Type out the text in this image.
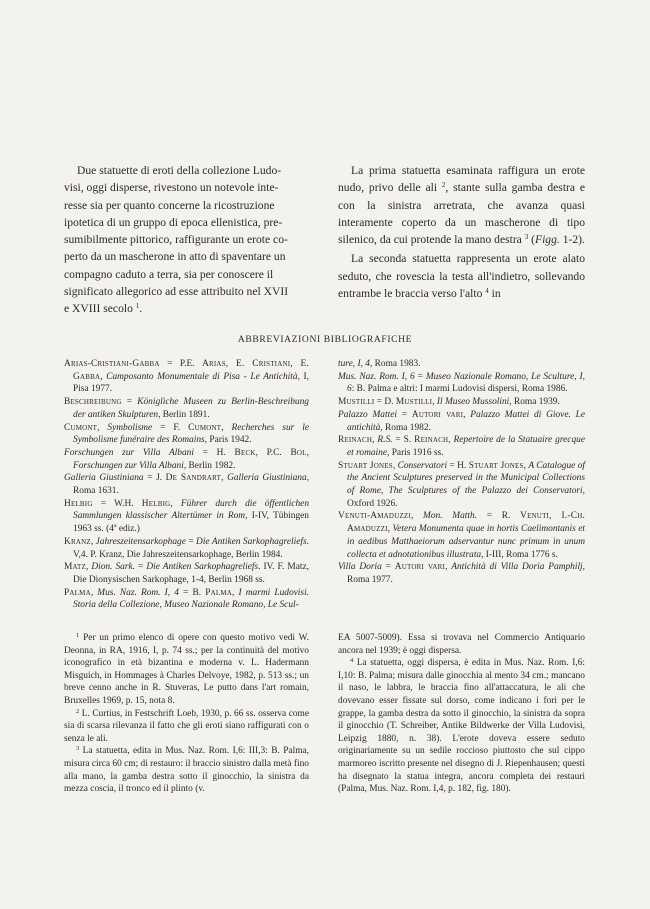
Due statuette di eroti della collezione Ludo-
visi, oggi disperse, rivestono un notevole inte-
resse sia per quanto concerne la ricostruzione
ipotetica di un gruppo di epoca ellenistica, pre-
sumibilmente pittorico, raffigurante un erote co-
perto da un mascherone in atto di spaventare un
compagno caduto a terra, sia per conoscere il
significato allegorico ad esse attribuito nel XVII
e XVIII secolo $^1$.

La prima statuetta esaminata raffigura un erote nudo, privo delle ali $^2$, stante sulla gamba destra e con la sinistra arretrata, che avanza quasi interamente coperto da un mascherone di tipo silenico, da cui protende la mano destra $^3$ (Figg. 1-2).

La seconda statuetta rappresenta un erote alato seduto, che rovescia la testa all'indietro, sollevando entrambe le braccia verso l'alto $^4$ in

ABBREVIAZIONI BIBLIOGRAFICHE

Arias-Cristiani-Gabba = P.E. Arias, E. Cristiani, E. Gabba, Camposanto Monumentale di Pisa - Le Antichità, I, Pisa 1977.

Beschreibung = Königliche Museen zu Berlin-Beschreibung der antiken Skulpturen, Berlin 1891.

Cumont, Symbolisme = F. Cumont, Recherches sur le Symbolisme funéraire des Romains, Paris 1942.

Forschungen zur Villa Albani = H. Beck, P.C. Bol, Forschungen zur Villa Albani, Berlin 1982.

Galleria Giustiniana = J. De Sandrart, Galleria Giustiniana, Roma 1631.

Helbig = W.H. Helbig, Führer durch die öffentlichen Sammlungen klassischer Altertümer in Rom, I-IV, Tübingen 1963 ss. (4ª ediz.)

Kranz, Jahreszeitensarkophage = Die Antiken Sarkophagreliefs. V,4. P. Kranz, Die Jahreszeitensarkophage, Berlin 1984.

Matz, Dion. Sark. = Die Antiken Sarkophagreliefs. IV. F. Matz, Die Dionysischen Sarkophage, 1-4, Berlin 1968 ss.

Palma, Mus. Naz. Rom. I, 4 = B. Palma, I marmi Ludovisi. Storia della Collezione, Museo Nazionale Romano, Le Scul-

ture, I, 4, Roma 1983.

Mus. Naz. Rom. I, 6 = Museo Nazionale Romano, Le Sculture, I, 6: B. Palma e altri: I marmi Ludovisi dispersi, Roma 1986.

Mustilli = D. Mustilli, Il Museo Mussolini, Roma 1939.

Palazzo Mattei = Autori vari, Palazzo Mattei di Giove. Le antichità, Roma 1982.

Reinach, R.S. = S. Reinach, Repertoire de la Statuaire grecque et romaine, Paris 1916 ss.

Stuart Jones, Conservatori = H. Stuart Jones, A Catalogue of the Ancient Sculptures preserved in the Municipal Collections of Rome, The Sculptures of the Palazzo dei Conservatori, Oxford 1926.

Venuti-Amaduzzi, Mon. Matth. = R. Venuti, I.-Ch. Amaduzzi, Vetera Monumenta quae in hortis Caelimontanis et in aedibus Matthaeiorum adservantur nunc primum in unum collecta et adnotationibus illustrata, I-III, Roma 1776 s.

Villa Doria = Autori vari, Antichità di Villa Doria Pamphilj, Roma 1977.

$^1$ Per un primo elenco di opere con questo motivo vedi W. Deonna, in RA, 1916, I, p. 74 ss.; per la continuità del motivo iconografico in età bizantina e moderna v. L. Hadermann Misguich, in Hommages à Charles Delvoye, 1982, p. 513 ss.; un breve cenno anche in R. Stuveras, Le putto dans l'art romain, Bruxelles 1969, p. 15, nota 8.

$^2$ L. Curtius, in Festschrift Loeb, 1930, p. 66 ss. osserva come sia di scarsa rilevanza il fatto che gli eroti siano raffigurati con o senza le ali.

$^3$ La statuetta, edita in Mus. Naz. Rom. I,6: III,3: B. Palma, misura circa 60 cm; di restauro: il braccio sinistro dalla metà fino alla mano, la gamba destra sotto il ginocchio, la sinistra da mezza coscia, il tronco ed il plinto (v.

EA 5007-5009). Essa si trovava nel Commercio Antiquario ancora nel 1939; è oggi dispersa.

$^4$ La statuetta, oggi dispersa, è edita in Mus. Naz. Rom. I,6: I,10: B. Palma; misura dalle ginocchia al mento 34 cm.; mancano il naso, le labbra, le braccia fino all'attaccatura, le ali che dovevano esser fissate sul dorso, come indicano i fori per le grappe, la gamba destra da sotto il ginocchio, la sinistra da sopra il ginocchio (T. Schreiber, Antike Bildwerke der Villa Ludovisi, Leipzig 1880, n. 38). L'erote doveva essere seduto originariamente su un sedile roccioso piuttosto che sul cippo marmoreo iscritto presente nel disegno di J. Riepenhausen; questi ha disegnato la statua integra, ancora completa dei restauri (Palma, Mus. Naz. Rom. I,4, p. 182, fig. 180).
